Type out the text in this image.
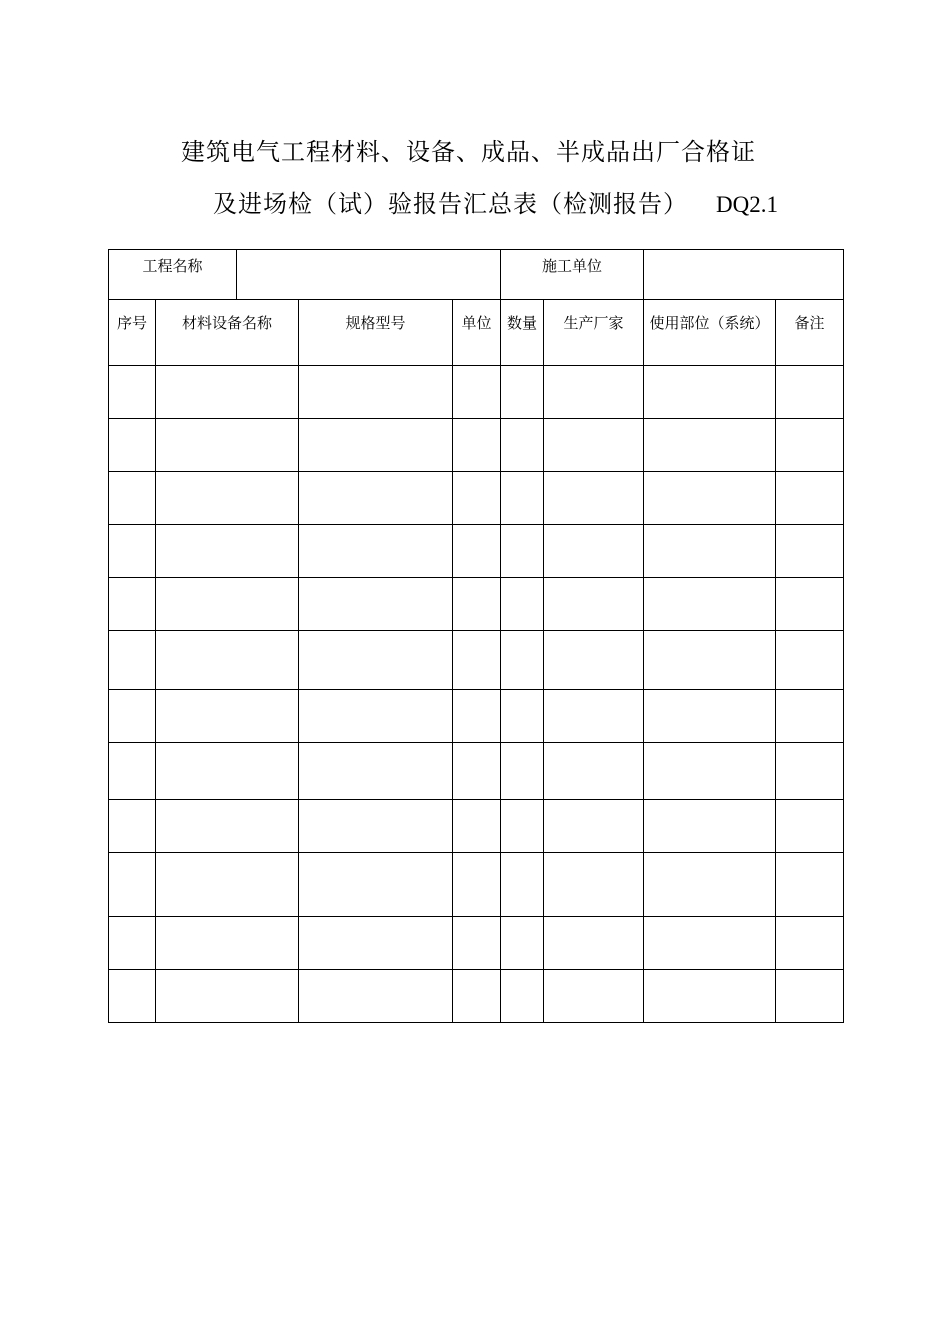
建筑电气工程材料、设备、成品、半成品出厂合格证
及进场检（试）验报告汇总表（检测报告） DQ2.1
工程名称					施工单位			

序号	材料设备名称		规格型号	单位	数量	生产厂家	使用部位（系统）	备注
